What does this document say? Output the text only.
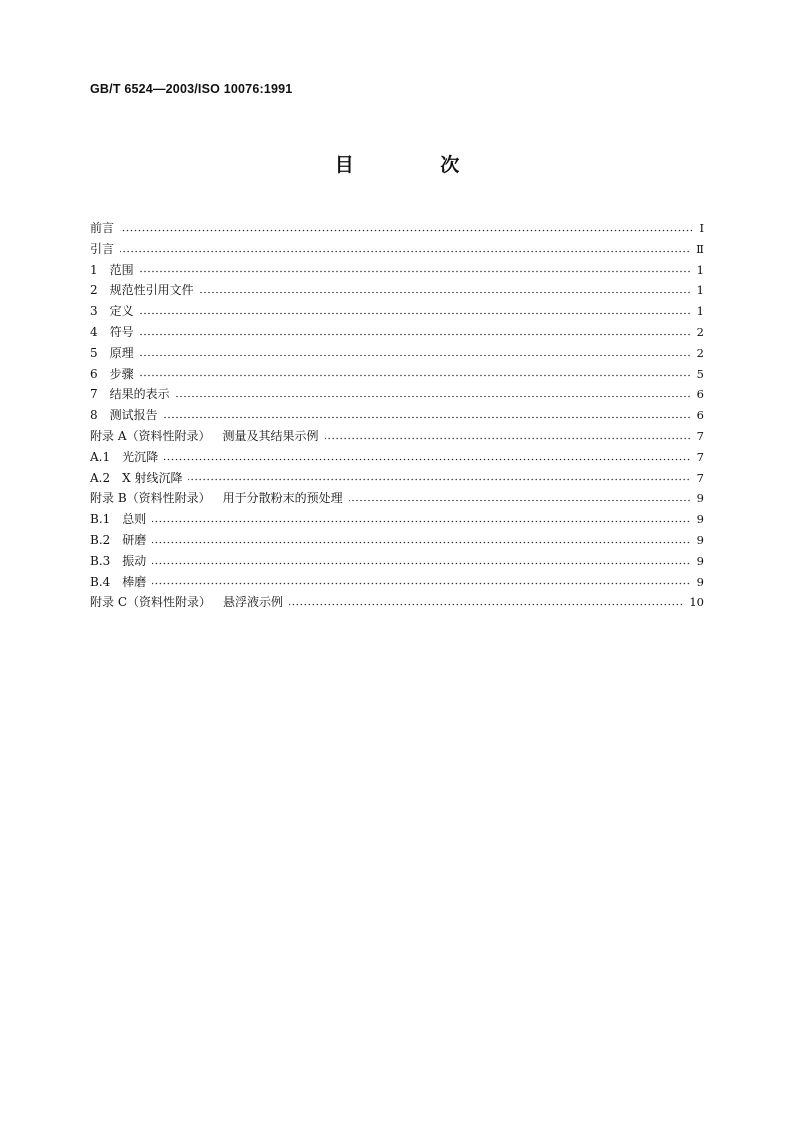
GB/T 6524—2003/ISO 10076:1991
目 次
前言	Ⅰ
引言	Ⅱ
1	范围	1
2	规范性引用文件	1
3	定义	1
4	符号	2
5	原理	2
6	步骤	5
7	结果的表示	6
8	测试报告	6
附录 A（资料性附录）	测量及其结果示例	7
A.1	光沉降	7
A.2	X 射线沉降	7
附录 B（资料性附录）	用于分散粉末的预处理	9
B.1	总则	9
B.2	研磨	9
B.3	振动	9
B.4	棒磨	9
附录 C（资料性附录）	悬浮液示例	10
